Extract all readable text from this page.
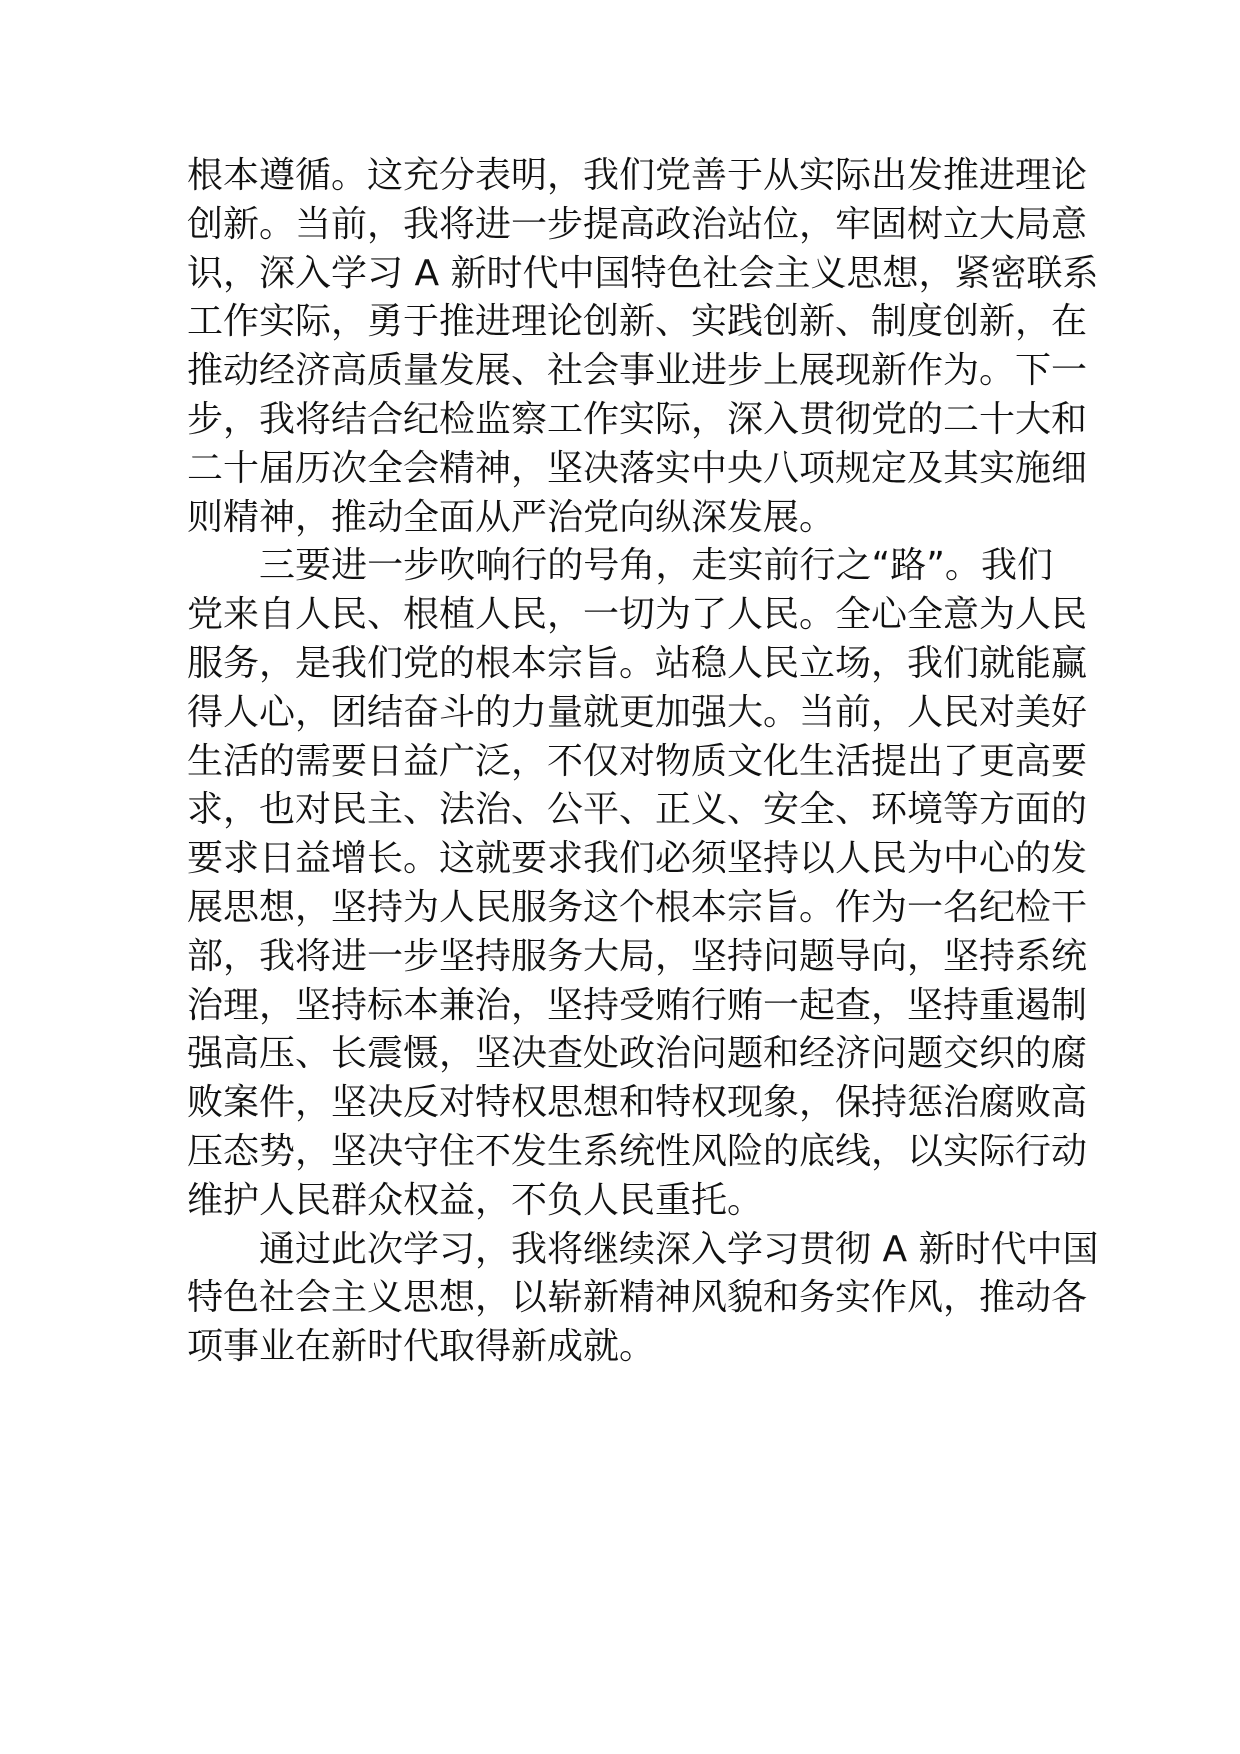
根本遵循。这充分表明，我们党善于从实际出发推进理论
创新。当前，我将进一步提高政治站位，牢固树立大局意
识，深入学习 A 新时代中国特色社会主义思想，紧密联系
工作实际，勇于推进理论创新、实践创新、制度创新，在
推动经济高质量发展、社会事业进步上展现新作为。下一
步，我将结合纪检监察工作实际，深入贯彻党的二十大和
二十届历次全会精神，坚决落实中央八项规定及其实施细
则精神，推动全面从严治党向纵深发展。
三要进一步吹响行的号角，走实前行之“路”。我们
党来自人民、根植人民，一切为了人民。全心全意为人民
服务，是我们党的根本宗旨。站稳人民立场，我们就能赢
得人心，团结奋斗的力量就更加强大。当前，人民对美好
生活的需要日益广泛，不仅对物质文化生活提出了更高要
求，也对民主、法治、公平、正义、安全、环境等方面的
要求日益增长。这就要求我们必须坚持以人民为中心的发
展思想，坚持为人民服务这个根本宗旨。作为一名纪检干
部，我将进一步坚持服务大局，坚持问题导向，坚持系统
治理，坚持标本兼治，坚持受贿行贿一起查，坚持重遏制
强高压、长震慑，坚决查处政治问题和经济问题交织的腐
败案件，坚决反对特权思想和特权现象，保持惩治腐败高
压态势，坚决守住不发生系统性风险的底线，以实际行动
维护人民群众权益，不负人民重托。
通过此次学习，我将继续深入学习贯彻 A 新时代中国
特色社会主义思想，以崭新精神风貌和务实作风，推动各
项事业在新时代取得新成就。
